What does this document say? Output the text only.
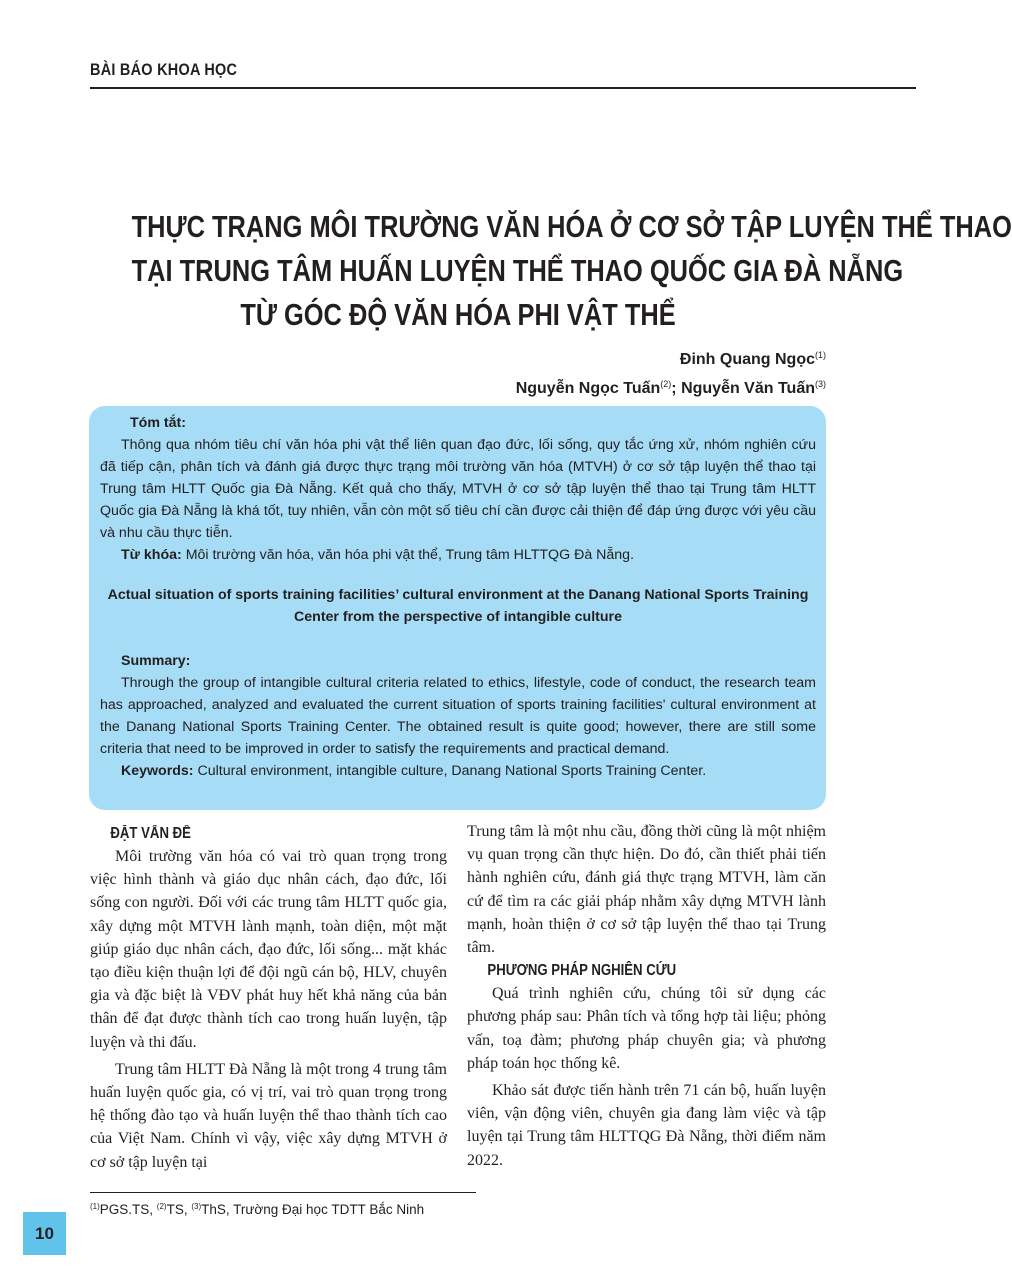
BÀI BÁO KHOA HỌC
THỰC TRẠNG MÔI TRƯỜNG VĂN HÓA Ở CƠ SỞ TẬP LUYỆN THỂ THAO
TẠI TRUNG TÂM HUẤN LUYỆN THỂ THAO QUỐC GIA ĐÀ NẴNG
TỪ GÓC ĐỘ VĂN HÓA PHI VẬT THỂ
Đinh Quang Ngọc$^{(1)}$
Nguyễn Ngọc Tuấn$^{(2)}$; Nguyễn Văn Tuấn$^{(3)}$
Tóm tắt:
Thông qua nhóm tiêu chí văn hóa phi vật thể liên quan đạo đức, lối sống, quy tắc ứng xử, nhóm nghiên cứu đã tiếp cận, phân tích và đánh giá được thực trạng môi trường văn hóa (MTVH) ở cơ sở tập luyện thể thao tại Trung tâm HLTT Quốc gia Đà Nẵng. Kết quả cho thấy, MTVH ở cơ sở tập luyện thể thao tại Trung tâm HLTT Quốc gia Đà Nẵng là khá tốt, tuy nhiên, vẫn còn một số tiêu chí cần được cải thiện để đáp ứng được với yêu cầu và nhu cầu thực tiễn.
Từ khóa: Môi trường văn hóa, văn hóa phi vật thể, Trung tâm HLTTQG Đà Nẵng.
Actual situation of sports training facilities’ cultural environment at the Danang National Sports Training Center from the perspective of intangible culture
Summary:
Through the group of intangible cultural criteria related to ethics, lifestyle, code of conduct, the research team has approached, analyzed and evaluated the current situation of sports training facilities' cultural environment at the Danang National Sports Training Center. The obtained result is quite good; however, there are still some criteria that need to be improved in order to satisfy the requirements and practical demand.
Keywords: Cultural environment, intangible culture, Danang National Sports Training Center.
ĐẶT VẤN ĐỀ

Môi trường văn hóa có vai trò quan trọng trong việc hình thành và giáo dục nhân cách, đạo đức, lối sống con người. Đối với các trung tâm HLTT quốc gia, xây dựng một MTVH lành mạnh, toàn diện, một mặt giúp giáo dục nhân cách, đạo đức, lối sống... mặt khác tạo điều kiện thuận lợi để đội ngũ cán bộ, HLV, chuyên gia và đặc biệt là VĐV phát huy hết khả năng của bản thân để đạt được thành tích cao trong huấn luyện, tập luyện và thi đấu.

Trung tâm HLTT Đà Nẵng là một trong 4 trung tâm huấn luyện quốc gia, có vị trí, vai trò quan trọng trong hệ thống đào tạo và huấn luyện thể thao thành tích cao của Việt Nam. Chính vì vậy, việc xây dựng MTVH ở cơ sở tập luyện tại

Trung tâm là một nhu cầu, đồng thời cũng là một nhiệm vụ quan trọng cần thực hiện. Do đó, cần thiết phải tiến hành nghiên cứu, đánh giá thực trạng MTVH, làm căn cứ để tìm ra các giải pháp nhằm xây dựng MTVH lành mạnh, hoàn thiện ở cơ sở tập luyện thể thao tại Trung tâm.

PHƯƠNG PHÁP NGHIÊN CỨU

Quá trình nghiên cứu, chúng tôi sử dụng các phương pháp sau: Phân tích và tổng hợp tài liệu; phỏng vấn, toạ đàm; phương pháp chuyên gia; và phương pháp toán học thống kê.

Khảo sát được tiến hành trên 71 cán bộ, huấn luyện viên, vận động viên, chuyên gia đang làm việc và tập luyện tại Trung tâm HLTTQG Đà Nẵng, thời điểm năm 2022.

$^{(1)}$PGS.TS, $^{(2)}$TS, $^{(3)}$ThS, Trường Đại học TDTT Bắc Ninh
10
